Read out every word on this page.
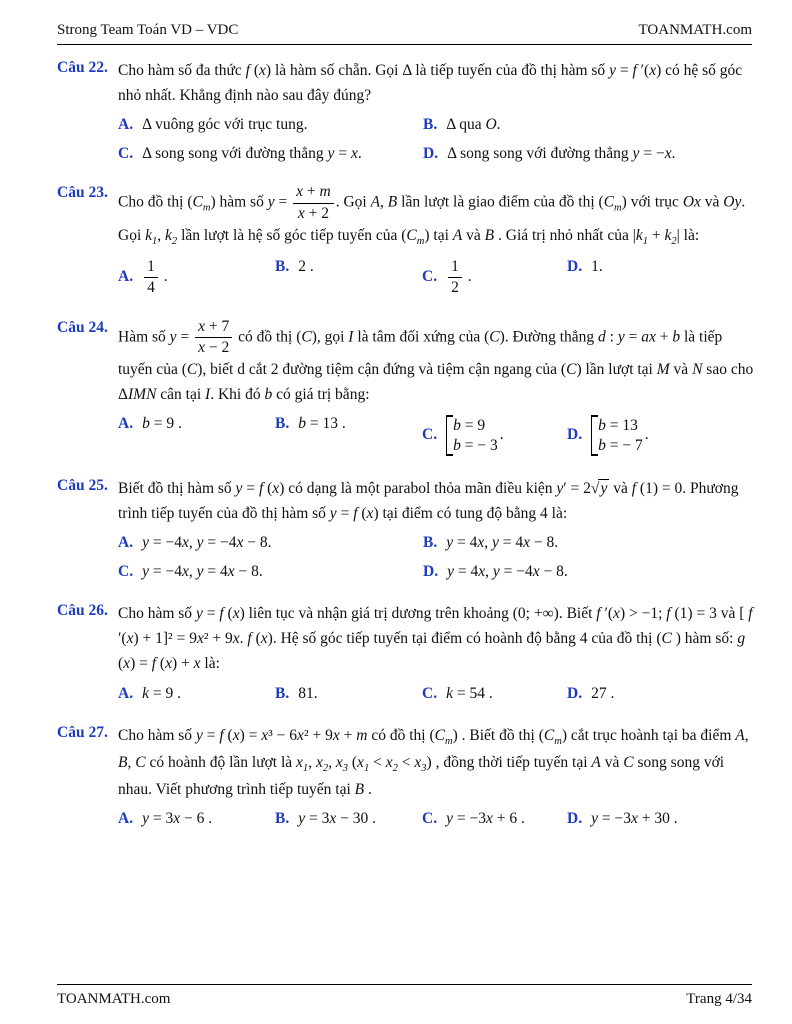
Strong Team Toán VD – VDC	TOANMATH.com
Câu 22. Cho hàm số đa thức f (x) là hàm số chẵn. Gọi Δ là tiếp tuyến của đồ thị hàm số y = f ′(x) có hệ số góc nhỏ nhất. Khẳng định nào sau đây đúng?
A. Δ vuông góc với trục tung.	B. Δ qua O.
C. Δ song song với đường thẳng y = x.	D. Δ song song với đường thẳng y = −x.
Câu 23.
Cho đồ thị $(C_m)$ hàm số $y = \frac{x + m}{x + 2}$ . Gọi A, B lần lượt là giao điểm của đồ thị $(C_m)$ với trục Ox và Oy. Gọi $k_1$, $k_2$ lần lượt là hệ số góc tiếp tuyến của $(C_m)$ tại A và B . Giá trị nhỏ nhất của $|k_1 + k_2|$ là:
A. $\frac{1}{4}$ .
B. 2 .
C. $\frac{1}{2}$ .
D. 1.
Câu 24.
Hàm số $y = \frac{x + 7}{x - 2}$ có đồ thị (C), gọi I là tâm đối xứng của (C). Đường thẳng d : y = ax + b là tiếp tuyến của (C), biết d cắt 2 đường tiệm cận đứng và tiệm cận ngang của (C) lần lượt tại M và N sao cho ΔIMN cân tại I. Khi đó b có giá trị bằng:
A. b = 9 .	B. b = 13 .
C.
b = 9
b = − 3
.	D.
b = 13
b = − 7
.
Câu 25. Biết đồ thị hàm số y = f (x) có dạng là một parabol thỏa mãn điều kiện y′ = 2√y và f (1) = 0. Phương trình tiếp tuyến của đồ thị hàm số y = f (x) tại điểm có tung độ bằng 4 là:
A. y = −4x, y = −4x − 8.	B. y = 4x, y = 4x − 8.
C. y = −4x, y = 4x − 8.	D. y = 4x, y = −4x − 8.
Câu 26. Cho hàm số y = f (x) liên tục và nhận giá trị dương trên khoảng (0; +∞). Biết f ′(x) > −1; f (1) = 3 và [ f ′(x) + 1]² = 9x² + 9x. f (x). Hệ số góc tiếp tuyến tại điểm có hoành độ bằng 4 của đồ thị (C ) hàm số: g (x) = f (x) + x là:
A. k = 9 .	B. 81.	C. k = 54 .	D. 27 .
Câu 27. Cho hàm số y = f (x) = x³ − 6x² + 9x + m có đồ thị $(C_m)$ . Biết đồ thị $(C_m)$ cắt trục hoành tại ba điểm A, B, C có hoành độ lần lượt là $x_1$, $x_2$, $x_3$ $(x_1 < x_2 < x_3)$ , đồng thời tiếp tuyến tại A và C song song với nhau. Viết phương trình tiếp tuyến tại B .
A. y = 3x − 6 .	B. y = 3x − 30 .	C. y = −3x + 6 .	D. y = −3x + 30 .
TOANMATH.com	Trang 4/34
